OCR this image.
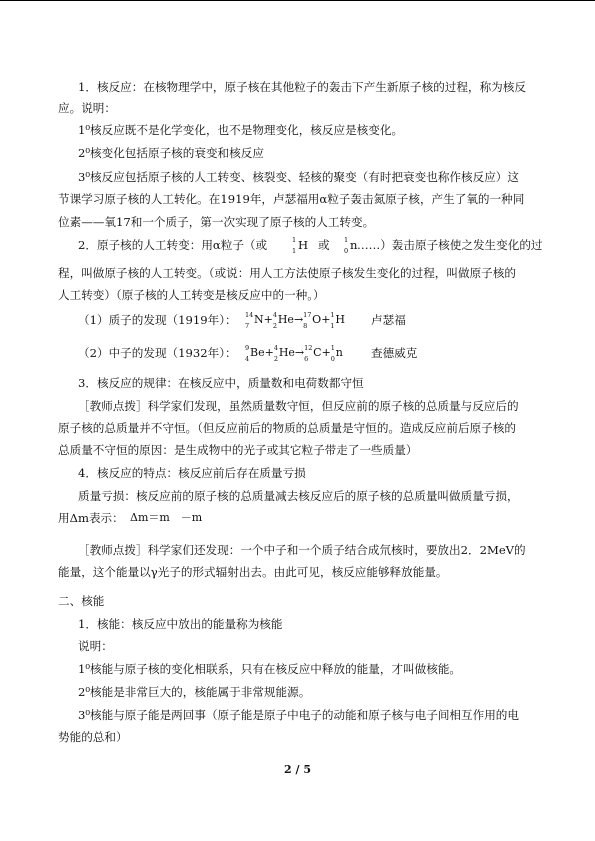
1．核反应：在核物理学中，原子核在其他粒子的轰击下产生新原子核的过程，称为核反
应。说明：
1⁰核反应既不是化学变化，也不是物理变化，核反应是核变化。
2⁰核变化包括原子核的衰变和核反应
3⁰核反应包括原子核的人工转变、核裂变、轻核的聚变（有时把衰变也称作核反应）这
节课学习原子核的人工转化。在1919年，卢瑟福用α粒子轰击氮原子核，产生了氧的一种同
位素——氧17和一个质子，第一次实现了原子核的人工转变。
2．原子核的人工转变：用α粒子（或	1
1 H 或 1
0 n ……）轰击原子核使之发生变化的过
程，叫做原子核的人工转变。（或说：用人工方法使原子核发生变化的过程，叫做原子核的
人工转变）（原子核的人工转变是核反应中的一种。）
（1）质子的发现（1919年）： 14
7 N+ 4
2 He→ 17
8 O+ 1
1 H 卢瑟福
（2）中子的发现（1932年）： 9
4 Be+ 4
2 He→ 12
6 C+ 1
0 n 查德威克
3．核反应的规律：在核反应中，质量数和电荷数都守恒
［教师点拨］科学家们发现，虽然质量数守恒，但反应前的原子核的总质量与反应后的
原子核的总质量并不守恒。（但反应前后的物质的总质量是守恒的。造成反应前后原子核的
总质量不守恒的原因：是生成物中的光子或其它粒子带走了一些质量）
4．核反应的特点：核反应前后存在质量亏损
质量亏损：核反应前的原子核的总质量减去核反应后的原子核的总质量叫做质量亏损，
用Δm表示： Δm＝m　－m
［教师点拨］科学家们还发现：一个中子和一个质子结合成氘核时，要放出2．2MeV的
能量，这个能量以γ光子的形式辐射出去。由此可见，核反应能够释放能量。
二、核能
1．核能：核反应中放出的能量称为核能
说明：
1⁰核能与原子核的变化相联系，只有在核反应中释放的能量，才叫做核能。
2⁰核能是非常巨大的，核能属于非常规能源。
3⁰核能与原子能是两回事（原子能是原子中电子的动能和原子核与电子间相互作用的电
势能的总和）
2 / 5
